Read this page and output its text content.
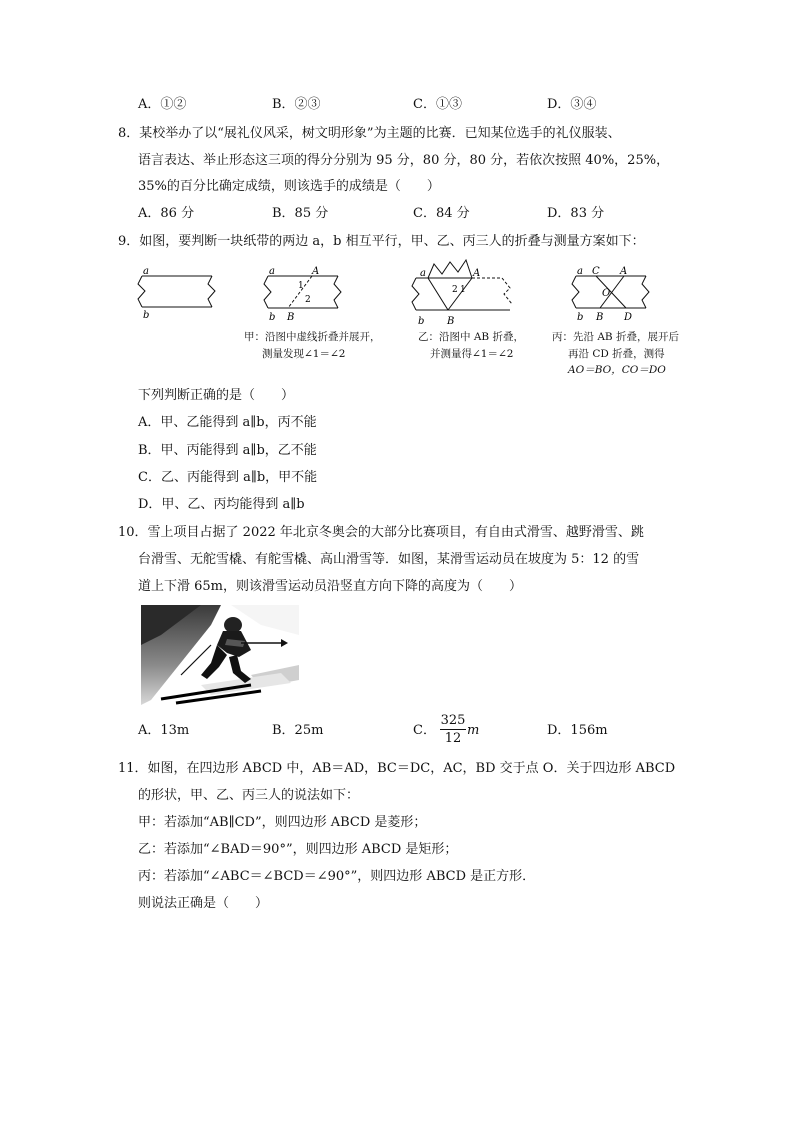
A．①②	B．②③	C．①③	D．③④
8．某校举办了以“展礼仪风采，树文明形象”为主题的比赛．已知某位选手的礼仪服装、
语言表达、举止形态这三项的得分分别为 95 分，80 分，80 分，若依次按照 40%，25%，
35%的百分比确定成绩，则该选手的成绩是（　　）
A．86 分	B．85 分	C．84 分	D．83 分
9．如图，要判断一块纸带的两边 a，b 相互平行，甲、乙、丙三人的折叠与测量方案如下：
a
b
a
b
A
B
1
2
甲：沿图中虚线折叠并展开，
测量发现∠1＝∠2
a
b
A
B
2 1
乙：沿图中 AB 折叠，
并测量得∠1＝∠2
a
b
C A
B D
O
丙：先沿 AB 折叠，展开后
再沿 CD 折叠，测得
AO＝BO，CO＝DO
下列判断正确的是（　　）
A．甲、乙能得到 a∥b，丙不能
B．甲、丙能得到 a∥b，乙不能
C．乙、丙能得到 a∥b，甲不能
D．甲、乙、丙均能得到 a∥b
10．雪上项目占据了 2022 年北京冬奥会的大部分比赛项目，有自由式滑雪、越野滑雪、跳
台滑雪、无舵雪橇、有舵雪橇、高山滑雪等．如图，某滑雪运动员在坡度为 5：12 的雪
道上下滑 65m，则该滑雪运动员沿竖直方向下降的高度为（　　）
A．13m	B．25m	C．
325
12
m	D．156m
11．如图，在四边形 ABCD 中，AB＝AD，BC＝DC，AC，BD 交于点 O．关于四边形 ABCD
的形状，甲、乙、丙三人的说法如下：
甲：若添加“AB∥CD”，则四边形 ABCD 是菱形；
乙：若添加“∠BAD＝90°”，则四边形 ABCD 是矩形；
丙：若添加“∠ABC＝∠BCD＝∠90°”，则四边形 ABCD 是正方形．
则说法正确是（　　）
